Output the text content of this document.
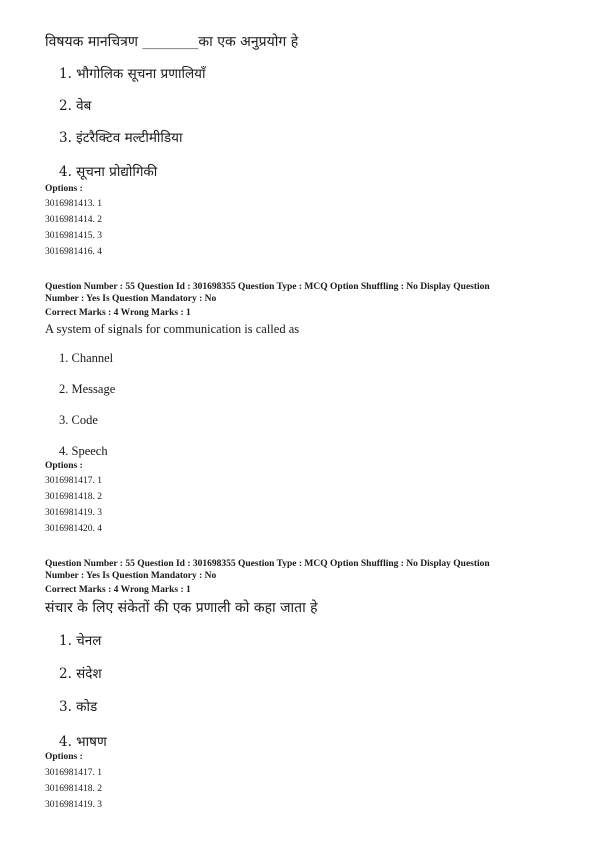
विषयक मानचित्रण ________का एक अनुप्रयोग हे
1. भौगोलिक सूचना प्रणालियाँ
2. वेब
3. इंटरैक्टिव मल्टीमीडिया
4. सूचना प्रोद्योगिकी
Options :
3016981413. 1
3016981414. 2
3016981415. 3
3016981416. 4
Question Number : 55 Question Id : 301698355 Question Type : MCQ Option Shuffling : No Display Question
Number : Yes Is Question Mandatory : No
Correct Marks : 4 Wrong Marks : 1
A system of signals for communication is called as
1. Channel
2. Message
3. Code
4. Speech
Options :
3016981417. 1
3016981418. 2
3016981419. 3
3016981420. 4
Question Number : 55 Question Id : 301698355 Question Type : MCQ Option Shuffling : No Display Question
Number : Yes Is Question Mandatory : No
Correct Marks : 4 Wrong Marks : 1
संचार के लिए संकेतों की एक प्रणाली को कहा जाता हे
1. चेनल
2. संदेश
3. कोड
4. भाषण
Options :
3016981417. 1
3016981418. 2
3016981419. 3
